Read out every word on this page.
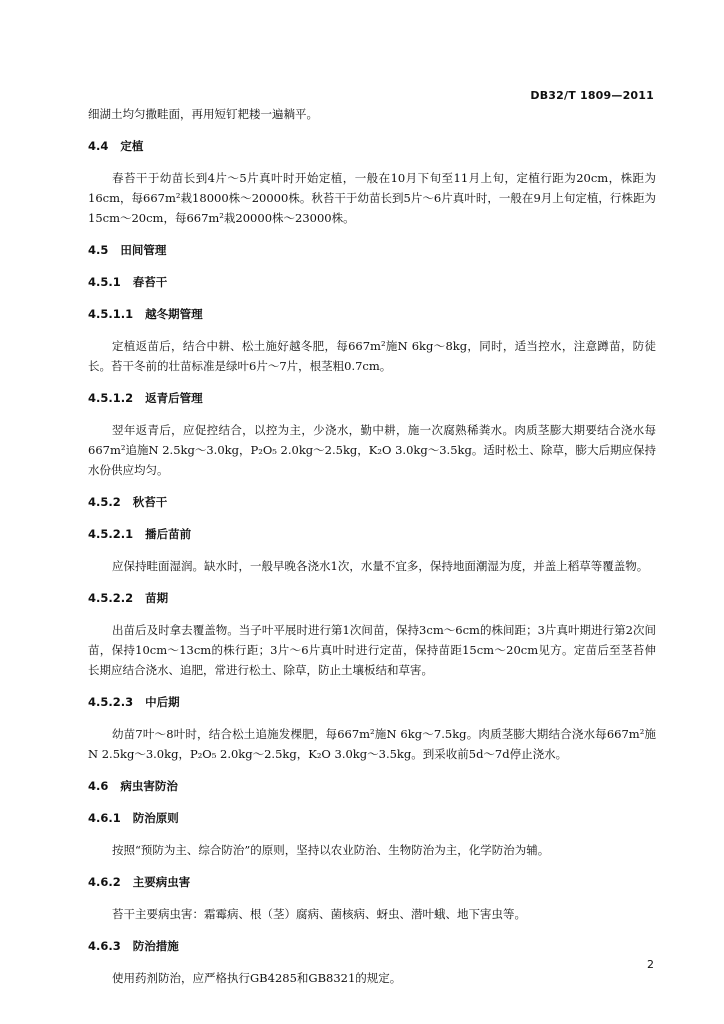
DB32/T 1809—2011

细湖土均匀撒畦面，再用短钉耙耧一遍耥平。

4.4 定植

春苔干于幼苗长到4片～5片真叶时开始定植，一般在10月下旬至11月上旬，定植行距为20cm，株距为16cm，每667m²栽18000株～20000株。秋苔干于幼苗长到5片～6片真叶时，一般在9月上旬定植，行株距为15cm～20cm，每667m²栽20000株～23000株。

4.5 田间管理

4.5.1 春苔干

4.5.1.1 越冬期管理

定植返苗后，结合中耕、松土施好越冬肥，每667m²施N 6kg～8kg，同时，适当控水，注意蹲苗，防徒长。苔干冬前的壮苗标准是绿叶6片～7片，根茎粗0.7cm。

4.5.1.2 返青后管理

翌年返青后，应促控结合，以控为主，少浇水，勤中耕，施一次腐熟稀粪水。肉质茎膨大期要结合浇水每667m²追施N 2.5kg～3.0kg，P₂O₅ 2.0kg～2.5kg，K₂O 3.0kg～3.5kg。适时松土、除草，膨大后期应保持水份供应均匀。

4.5.2 秋苔干

4.5.2.1 播后苗前

应保持畦面湿润。缺水时，一般早晚各浇水1次，水量不宜多，保持地面潮湿为度，并盖上稻草等覆盖物。

4.5.2.2 苗期

出苗后及时拿去覆盖物。当子叶平展时进行第1次间苗，保持3cm～6cm的株间距；3片真叶期进行第2次间苗，保持10cm～13cm的株行距；3片～6片真叶时进行定苗，保持苗距15cm～20cm见方。定苗后至茎苔伸长期应结合浇水、追肥，常进行松土、除草，防止土壤板结和草害。

4.5.2.3 中后期

幼苗7叶～8叶时，结合松土追施发棵肥，每667m²施N 6kg～7.5kg。肉质茎膨大期结合浇水每667m²施N 2.5kg～3.0kg，P₂O₅ 2.0kg～2.5kg，K₂O 3.0kg～3.5kg。到采收前5d～7d停止浇水。

4.6 病虫害防治

4.6.1 防治原则

按照“预防为主、综合防治”的原则，坚持以农业防治、生物防治为主，化学防治为辅。

4.6.2 主要病虫害

苔干主要病虫害：霜霉病、根（茎）腐病、菌核病、蚜虫、潜叶蛾、地下害虫等。

4.6.3 防治措施

使用药剂防治，应严格执行GB4285和GB8321的规定。

2
